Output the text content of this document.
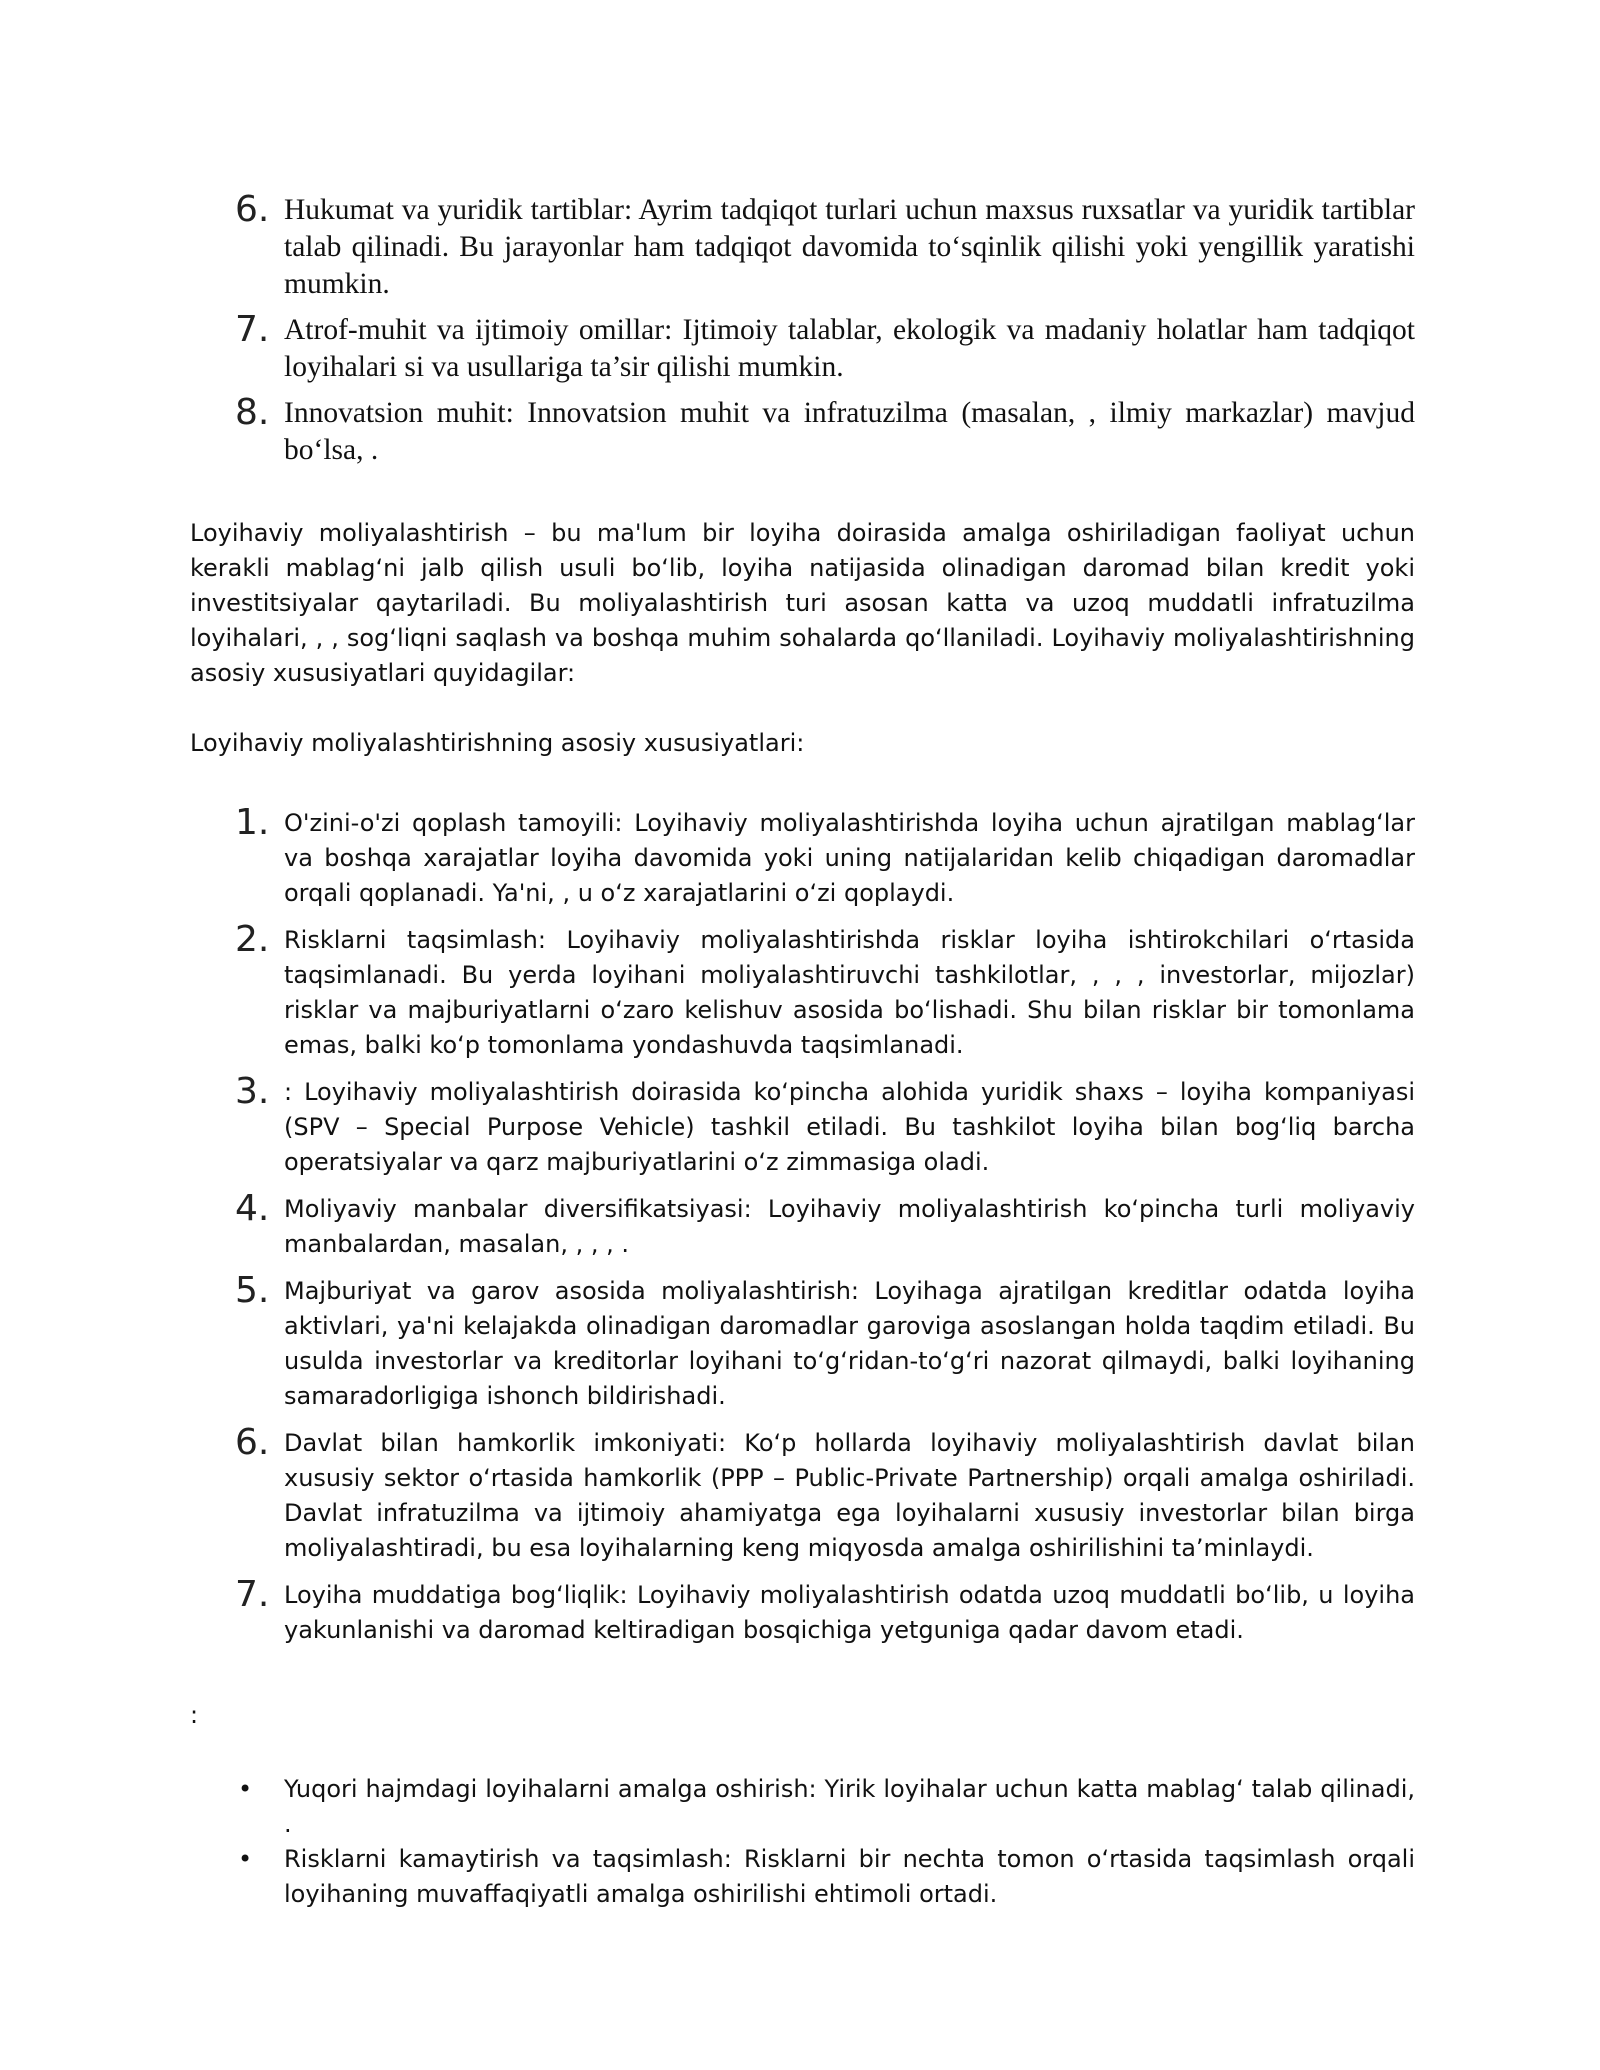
6. Hukumat va yuridik tartiblar: Ayrim tadqiqot turlari uchun maxsus ruxsatlar va yuridik tartiblar talab qilinadi. Bu jarayonlar ham tadqiqot davomida to‘sqinlik qilishi yoki yengillik yaratishi mumkin.
7. Atrof-muhit va ijtimoiy omillar: Ijtimoiy talablar, ekologik va madaniy holatlar ham tadqiqot loyihalari si va usullariga ta’sir qilishi mumkin.
8. Innovatsion muhit: Innovatsion muhit va infratuzilma (masalan, , ilmiy markazlar) mavjud bo‘lsa, .

Loyihaviy moliyalashtirish – bu ma'lum bir loyiha doirasida amalga oshiriladigan faoliyat uchun kerakli mablag‘ni jalb qilish usuli bo‘lib, loyiha natijasida olinadigan daromad bilan kredit yoki investitsiyalar qaytariladi. Bu moliyalashtirish turi asosan katta va uzoq muddatli infratuzilma loyihalari, , , sog‘liqni saqlash va boshqa muhim sohalarda qo‘llaniladi. Loyihaviy moliyalashtirishning asosiy xususiyatlari quyidagilar:

Loyihaviy moliyalashtirishning asosiy xususiyatlari:

1. O'zini-o'zi qoplash tamoyili: Loyihaviy moliyalashtirishda loyiha uchun ajratilgan mablag‘lar va boshqa xarajatlar loyiha davomida yoki uning natijalaridan kelib chiqadigan daromadlar orqali qoplanadi. Ya'ni, , u o‘z xarajatlarini o‘zi qoplaydi.
2. Risklarni taqsimlash: Loyihaviy moliyalashtirishda risklar loyiha ishtirokchilari o‘rtasida taqsimlanadi. Bu yerda loyihani moliyalashtiruvchi tashkilotlar, , , , investorlar, mijozlar) risklar va majburiyatlarni o‘zaro kelishuv asosida bo‘lishadi. Shu bilan risklar bir tomonlama emas, balki ko‘p tomonlama yondashuvda taqsimlanadi.
3. : Loyihaviy moliyalashtirish doirasida ko‘pincha alohida yuridik shaxs – loyiha kompaniyasi (SPV – Special Purpose Vehicle) tashkil etiladi. Bu tashkilot loyiha bilan bog‘liq barcha operatsiyalar va qarz majburiyatlarini o‘z zimmasiga oladi.
4. Moliyaviy manbalar diversifikatsiyasi: Loyihaviy moliyalashtirish ko‘pincha turli moliyaviy manbalardan, masalan, , , , .
5. Majburiyat va garov asosida moliyalashtirish: Loyihaga ajratilgan kreditlar odatda loyiha aktivlari, ya'ni kelajakda olinadigan daromadlar garoviga asoslangan holda taqdim etiladi. Bu usulda investorlar va kreditorlar loyihani to‘g‘ridan-to‘g‘ri nazorat qilmaydi, balki loyihaning samaradorligiga ishonch bildirishadi.
6. Davlat bilan hamkorlik imkoniyati: Ko‘p hollarda loyihaviy moliyalashtirish davlat bilan xususiy sektor o‘rtasida hamkorlik (PPP – Public-Private Partnership) orqali amalga oshiriladi. Davlat infratuzilma va ijtimoiy ahamiyatga ega loyihalarni xususiy investorlar bilan birga moliyalashtiradi, bu esa loyihalarning keng miqyosda amalga oshirilishini ta’minlaydi.
7. Loyiha muddatiga bog‘liqlik: Loyihaviy moliyalashtirish odatda uzoq muddatli bo‘lib, u loyiha yakunlanishi va daromad keltiradigan bosqichiga yetguniga qadar davom etadi.

:

• Yuqori hajmdagi loyihalarni amalga oshirish: Yirik loyihalar uchun katta mablag‘ talab qilinadi, .
• Risklarni kamaytirish va taqsimlash: Risklarni bir nechta tomon o‘rtasida taqsimlash orqali loyihaning muvaffaqiyatli amalga oshirilishi ehtimoli ortadi.
